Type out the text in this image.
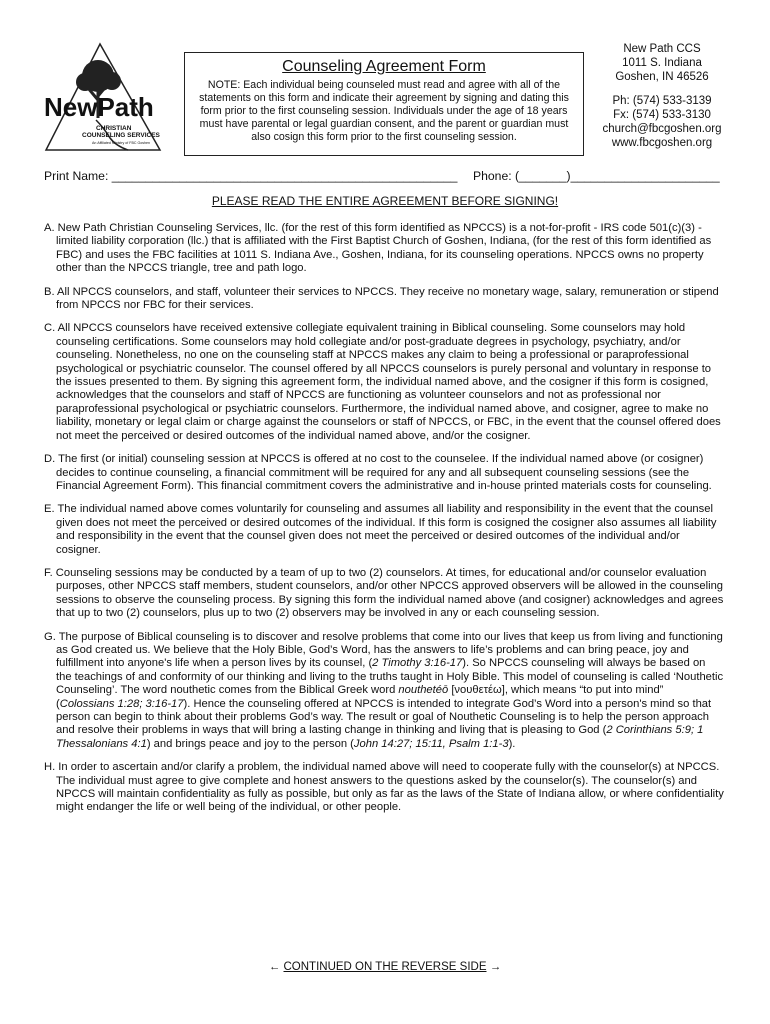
NewPath
CHRISTIAN
COUNSELING SERVICES
An Affiliated Ministry of FBC Goshen
Counseling Agreement Form
NOTE: Each individual being counseled must read and agree with all of the statements on this form and indicate their agreement by signing and dating this form prior to the first counseling session. Individuals under the age of 18 years must have parental or legal guardian consent, and the parent or guardian must also cosign this form prior to the first counseling session.
New Path CCS
1011 S. Indiana
Goshen, IN 46526
Ph: (574) 533-3139
Fx: (574) 533-3130
church@fbcgoshen.org
www.fbcgoshen.org
Print Name: ___________________________________________________ Phone: (_______)______________________
PLEASE READ THE ENTIRE AGREEMENT BEFORE SIGNING!

A. New Path Christian Counseling Services, llc. (for the rest of this form identified as NPCCS) is a not-for-profit - IRS code 501(c)(3) - limited liability corporation (llc.) that is affiliated with the First Baptist Church of Goshen, Indiana, (for the rest of this form identified as FBC) and uses the FBC facilities at 1011 S. Indiana Ave., Goshen, Indiana, for its counseling operations. NPCCS owns no property other than the NPCCS triangle, tree and path logo.

B. All NPCCS counselors, and staff, volunteer their services to NPCCS. They receive no monetary wage, salary, remuneration or stipend from NPCCS nor FBC for their services.

C. All NPCCS counselors have received extensive collegiate equivalent training in Biblical counseling. Some counselors may hold counseling certifications. Some counselors may hold collegiate and/or post-graduate degrees in psychology, psychiatry, and/or counseling. Nonetheless, no one on the counseling staff at NPCCS makes any claim to being a professional or paraprofessional psychological or psychiatric counselor. The counsel offered by all NPCCS counselors is purely personal and voluntary in response to the issues presented to them. By signing this agreement form, the individual named above, and the cosigner if this form is cosigned, acknowledges that the counselors and staff of NPCCS are functioning as volunteer counselors and not as professional nor paraprofessional psychological or psychiatric counselors. Furthermore, the individual named above, and cosigner, agree to make no liability, monetary or legal claim or charge against the counselors or staff of NPCCS, or FBC, in the event that the counsel offered does not meet the perceived or desired outcomes of the individual named above, and/or the cosigner.

D. The first (or initial) counseling session at NPCCS is offered at no cost to the counselee. If the individual named above (or cosigner) decides to continue counseling, a financial commitment will be required for any and all subsequent counseling sessions (see the Financial Agreement Form). This financial commitment covers the administrative and in-house printed materials costs for counseling.

E. The individual named above comes voluntarily for counseling and assumes all liability and responsibility in the event that the counsel given does not meet the perceived or desired outcomes of the individual. If this form is cosigned the cosigner also assumes all liability and responsibility in the event that the counsel given does not meet the perceived or desired outcomes of the individual and/or cosigner.

F. Counseling sessions may be conducted by a team of up to two (2) counselors. At times, for educational and/or counselor evaluation purposes, other NPCCS staff members, student counselors, and/or other NPCCS approved observers will be allowed in the counseling sessions to observe the counseling process. By signing this form the individual named above (and cosigner) acknowledges and agrees that up to two (2) counselors, plus up to two (2) observers may be involved in any or each counseling session.

G. The purpose of Biblical counseling is to discover and resolve problems that come into our lives that keep us from living and functioning as God created us. We believe that the Holy Bible, God’s Word, has the answers to life’s problems and can bring peace, joy and fulfillment into anyone's life when a person lives by its counsel, (2 Timothy 3:16-17). So NPCCS counseling will always be based on the teachings of and conformity of our thinking and living to the truths taught in Holy Bible. This model of counseling is called ‘Nouthetic Counseling’. The word nouthetic comes from the Biblical Greek word nouthetéō [νουθετέω], which means “to put into mind” (Colossians 1:28; 3:16-17). Hence the counseling offered at NPCCS is intended to integrate God’s Word into a person's mind so that person can begin to think about their problems God’s way. The result or goal of Nouthetic Counseling is to help the person approach and resolve their problems in ways that will bring a lasting change in thinking and living that is pleasing to God (2 Corinthians 5:9; 1 Thessalonians 4:1) and brings peace and joy to the person (John 14:27; 15:11, Psalm 1:1-3).

H. In order to ascertain and/or clarify a problem, the individual named above will need to cooperate fully with the counselor(s) at NPCCS. The individual must agree to give complete and honest answers to the questions asked by the counselor(s). The counselor(s) and NPCCS will maintain confidentiality as fully as possible, but only as far as the laws of the State of Indiana allow, or where confidentiality might endanger the life or well being of the individual, or other people.

← CONTINUED ON THE REVERSE SIDE →
